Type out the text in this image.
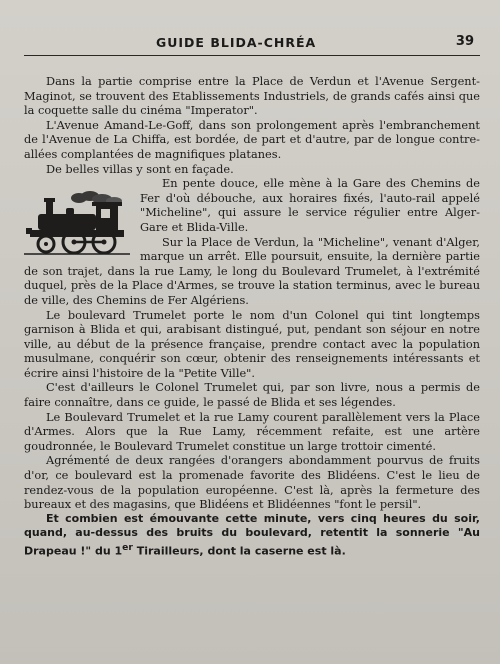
GUIDE BLIDA-CHRÉA	39

Dans la partie comprise entre la Place de Verdun et l'Avenue Sergent-Maginot, se trouvent des Etablissements Industriels, de grands cafés ainsi que la coquette salle du cinéma "Imperator".

L'Avenue Amand-Le-Goff, dans son prolongement après l'embranchement de l'Avenue de La Chiffa, est bordée, de part et d'autre, par de longue contre-allées complantées de magnifiques platanes.

De belles villas y sont en façade.

En pente douce, elle mène à la Gare des Chemins de Fer d'où débouche, aux horaires fixés, l'auto-rail appelé "Micheline", qui assure le service régulier entre Alger-Gare et Blida-Ville.

Sur la Place de Verdun, la "Micheline", venant d'Alger, marque un arrêt. Elle poursuit, ensuite, la dernière partie de son trajet, dans la rue Lamy, le long du Boulevard Trumelet, à l'extrémité duquel, près de la Place d'Armes, se trouve la station terminus, avec le bureau de ville, des Chemins de Fer Algériens.

Le boulevard Trumelet porte le nom d'un Colonel qui tint longtemps garnison à Blida et qui, arabisant distingué, put, pendant son séjour en notre ville, au début de la présence française, prendre contact avec la population musulmane, conquérir son cœur, obtenir des renseignements intéressants et écrire ainsi l'histoire de la "Petite Ville".

C'est d'ailleurs le Colonel Trumelet qui, par son livre, nous a permis de faire connaître, dans ce guide, le passé de Blida et ses légendes.

Le Boulevard Trumelet et la rue Lamy courent parallèlement vers la Place d'Armes. Alors que la Rue Lamy, récemment refaite, est une artère goudronnée, le Boulevard Trumelet constitue un large trottoir cimenté.

Agrémenté de deux rangées d'orangers abondamment pourvus de fruits d'or, ce boulevard est la promenade favorite des Blidéens. C'est le lieu de rendez-vous de la population européenne. C'est là, après la fermeture des bureaux et des magasins, que Blidéens et Blidéennes "font le persil".

Et combien est émouvante cette minute, vers cinq heures du soir, quand, au-dessus des bruits du boulevard, retentit la sonnerie "Au Drapeau !" du 1er Tirailleurs, dont la caserne est là.
